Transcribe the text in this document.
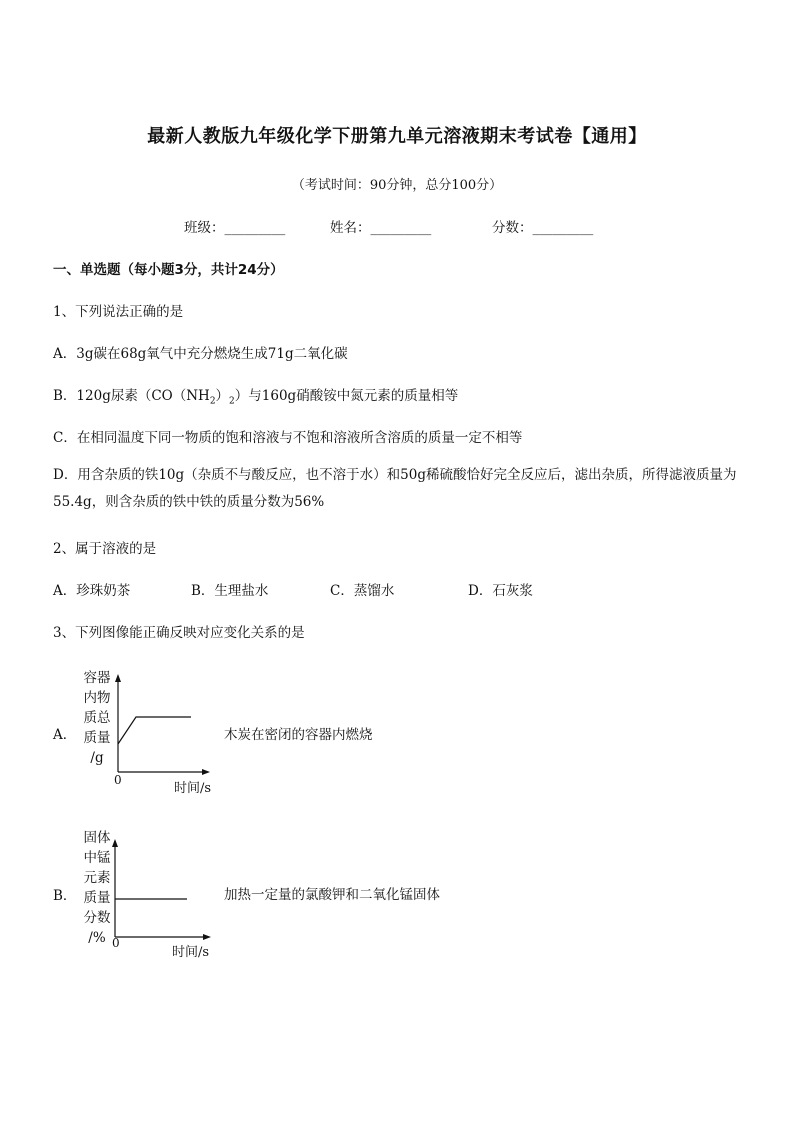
最新人教版九年级化学下册第九单元溶液期末考试卷【通用】
（考试时间：90分钟，总分100分）
班级：_________	姓名：_________	分数：_________
一、单选题（每小题3分，共计24分）
1、下列说法正确的是
A．3g碳在68g氧气中充分燃烧生成71g二氧化碳
B．120g尿素$(CO(NH_2)_2)$与160g硝酸铵中氮元素的质量相等
C．在相同温度下同一物质的饱和溶液与不饱和溶液所含溶质的质量一定不相等
D．用含杂质的铁10g（杂质不与酸反应，也不溶于水）和50g稀硫酸恰好完全反应后，滤出杂质，所得滤液质量为55.4g，则含杂质的铁中铁的质量分数为56%
2、属于溶液的是
A．珍珠奶茶	B．生理盐水	C．蒸馏水	D．石灰浆
3、下列图像能正确反映对应变化关系的是
A．
容器
内物
质总
质量
/g
0
时间/s
木炭在密闭的容器内燃烧
B．
固体
中锰
元素
质量
分数
/% 0
时间/s
加热一定量的氯酸钾和二氧化锰固体
